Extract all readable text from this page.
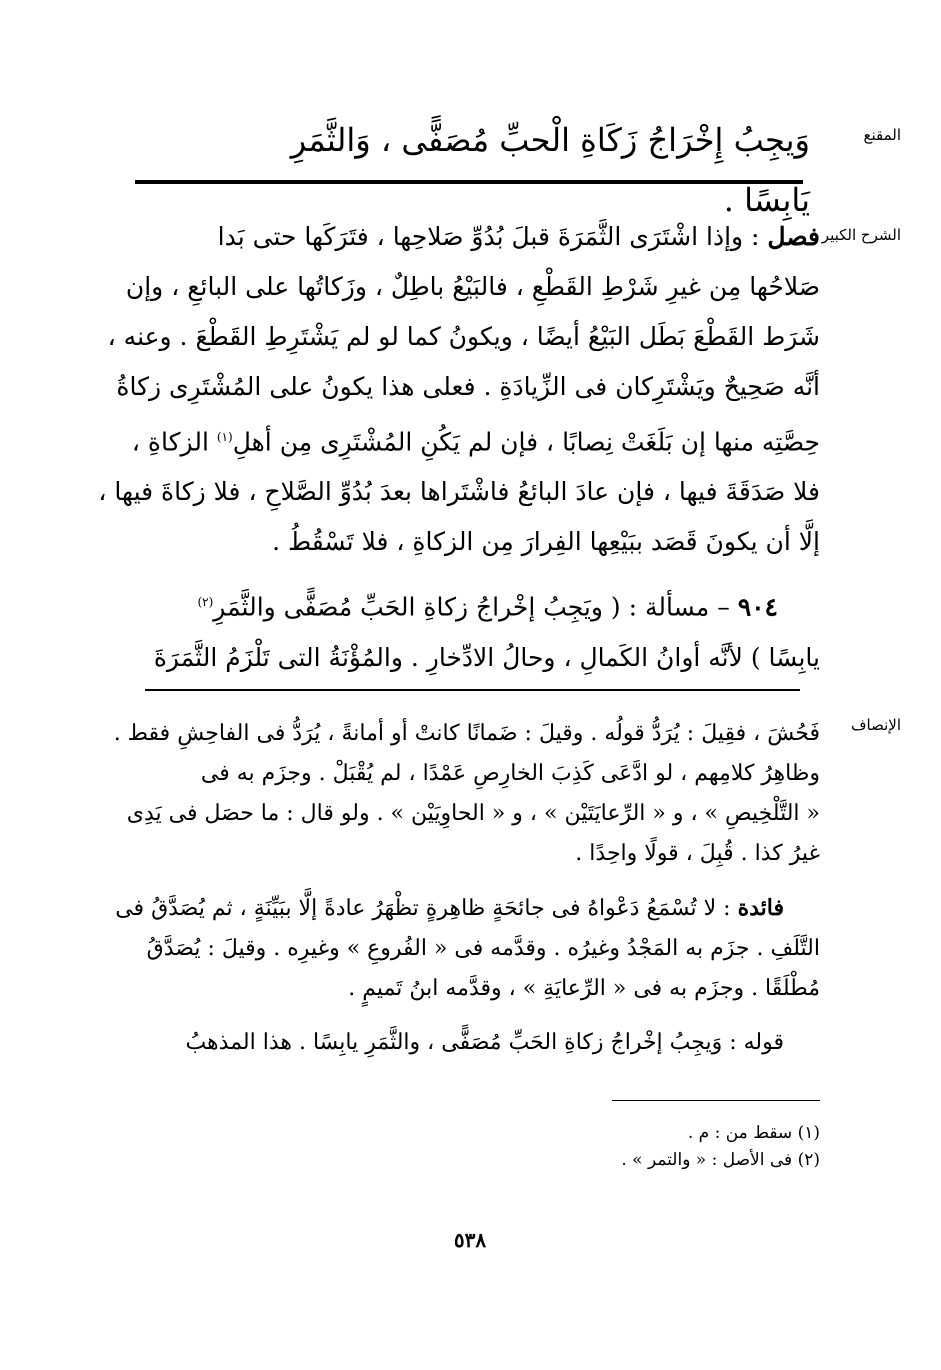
المقنع
وَيجِبُ إِخْرَاجُ زَكَاةِ الْحبِّ مُصَفًّى ، وَالثَّمَرِ يَابِسًا .
الشرح الكبير
فصل : وإذا اشْتَرَى الثَّمَرَةَ قبلَ بُدُوِّ صَلاحِها ، فتَرَكَها حتى بَدا
صَلاحُها مِن غيرِ شَرْطِ القَطْعِ ، فالبَيْعُ باطِلٌ ، وزَكاتُها على البائعِ ، وإن
شَرَط القَطْعَ بَطَل البَيْعُ أيضًا ، ويكونُ كما لو لم يَشْتَرِطِ القَطْعَ . وعنه ،
أنَّه صَحِيحٌ ويَشْتَرِكان فى الزِّيادَةِ . فعلى هذا يكونُ على المُشْتَرِى زكاةُ
حِصَّتِه منها إن بَلَغَتْ نِصابًا ، فإن لم يَكُنِ المُشْتَرِى مِن أهلِ$^{(١)}$ الزكاةِ ،
فلا صَدَقَةَ فيها ، فإن عادَ البائعُ فاشْتَراها بعدَ بُدُوِّ الصَّلاحِ ، فلا زكاةَ فيها ،
إلَّا أن يكونَ قَصَد ببَيْعِها الفِرارَ مِن الزكاةِ ، فلا تَسْقُطُ .
٩٠٤ – مسألة : ( ويَجِبُ إخْراجُ زكاةِ الحَبِّ مُصَفًّى والثَّمَرِ$^{(٢)}$
يابِسًا ) لأنَّه أوانُ الكَمالِ ، وحالُ الادِّخارِ . والمُؤْنَةُ التى تَلْزَمُ الثَّمَرَةَ
الإنصاف
فَحُشَ ، فقِيلَ : يُرَدُّ قولُه . وقيلَ : ضَمانًا كانتْ أو أمانةً ، يُرَدُّ فى الفاحِشِ فقط .
وظاهِرُ كلامِهم ، لو ادَّعَى كَذِبَ الخارِصِ عَمْدًا ، لم يُقْبَلْ . وجزَم به فى
« التَّلْخِيصِ » ، و « الرِّعايَتَيْن » ، و « الحاوِيَيْن » . ولو قال : ما حصَل فى يَدِى
غيرُ كذا . قُبِلَ ، قولًا واحِدًا .
فائدة : لا تُسْمَعُ دَعْواهُ فى جائحَةٍ ظاهِرةٍ تظْهَرُ عادةً إلَّا ببَيِّنَةٍ ، ثم يُصَدَّقُ فى
التَّلَفِ . جزَم به المَجْدُ وغيرُه . وقدَّمه فى « الفُروعِ » وغيرِه . وقيلَ : يُصَدَّقُ
مُطْلَقًا . وجزَم به فى « الرِّعايَةِ » ، وقدَّمه ابنُ تَميمٍ .
قوله : وَيجِبُ إخْراجُ زكاةِ الحَبِّ مُصَفًّى ، والثَّمَرِ يابِسًا . هذا المذهبُ
(١) سقط من : م .
(٢) فى الأصل : « والتمر » .
٥٣٨
